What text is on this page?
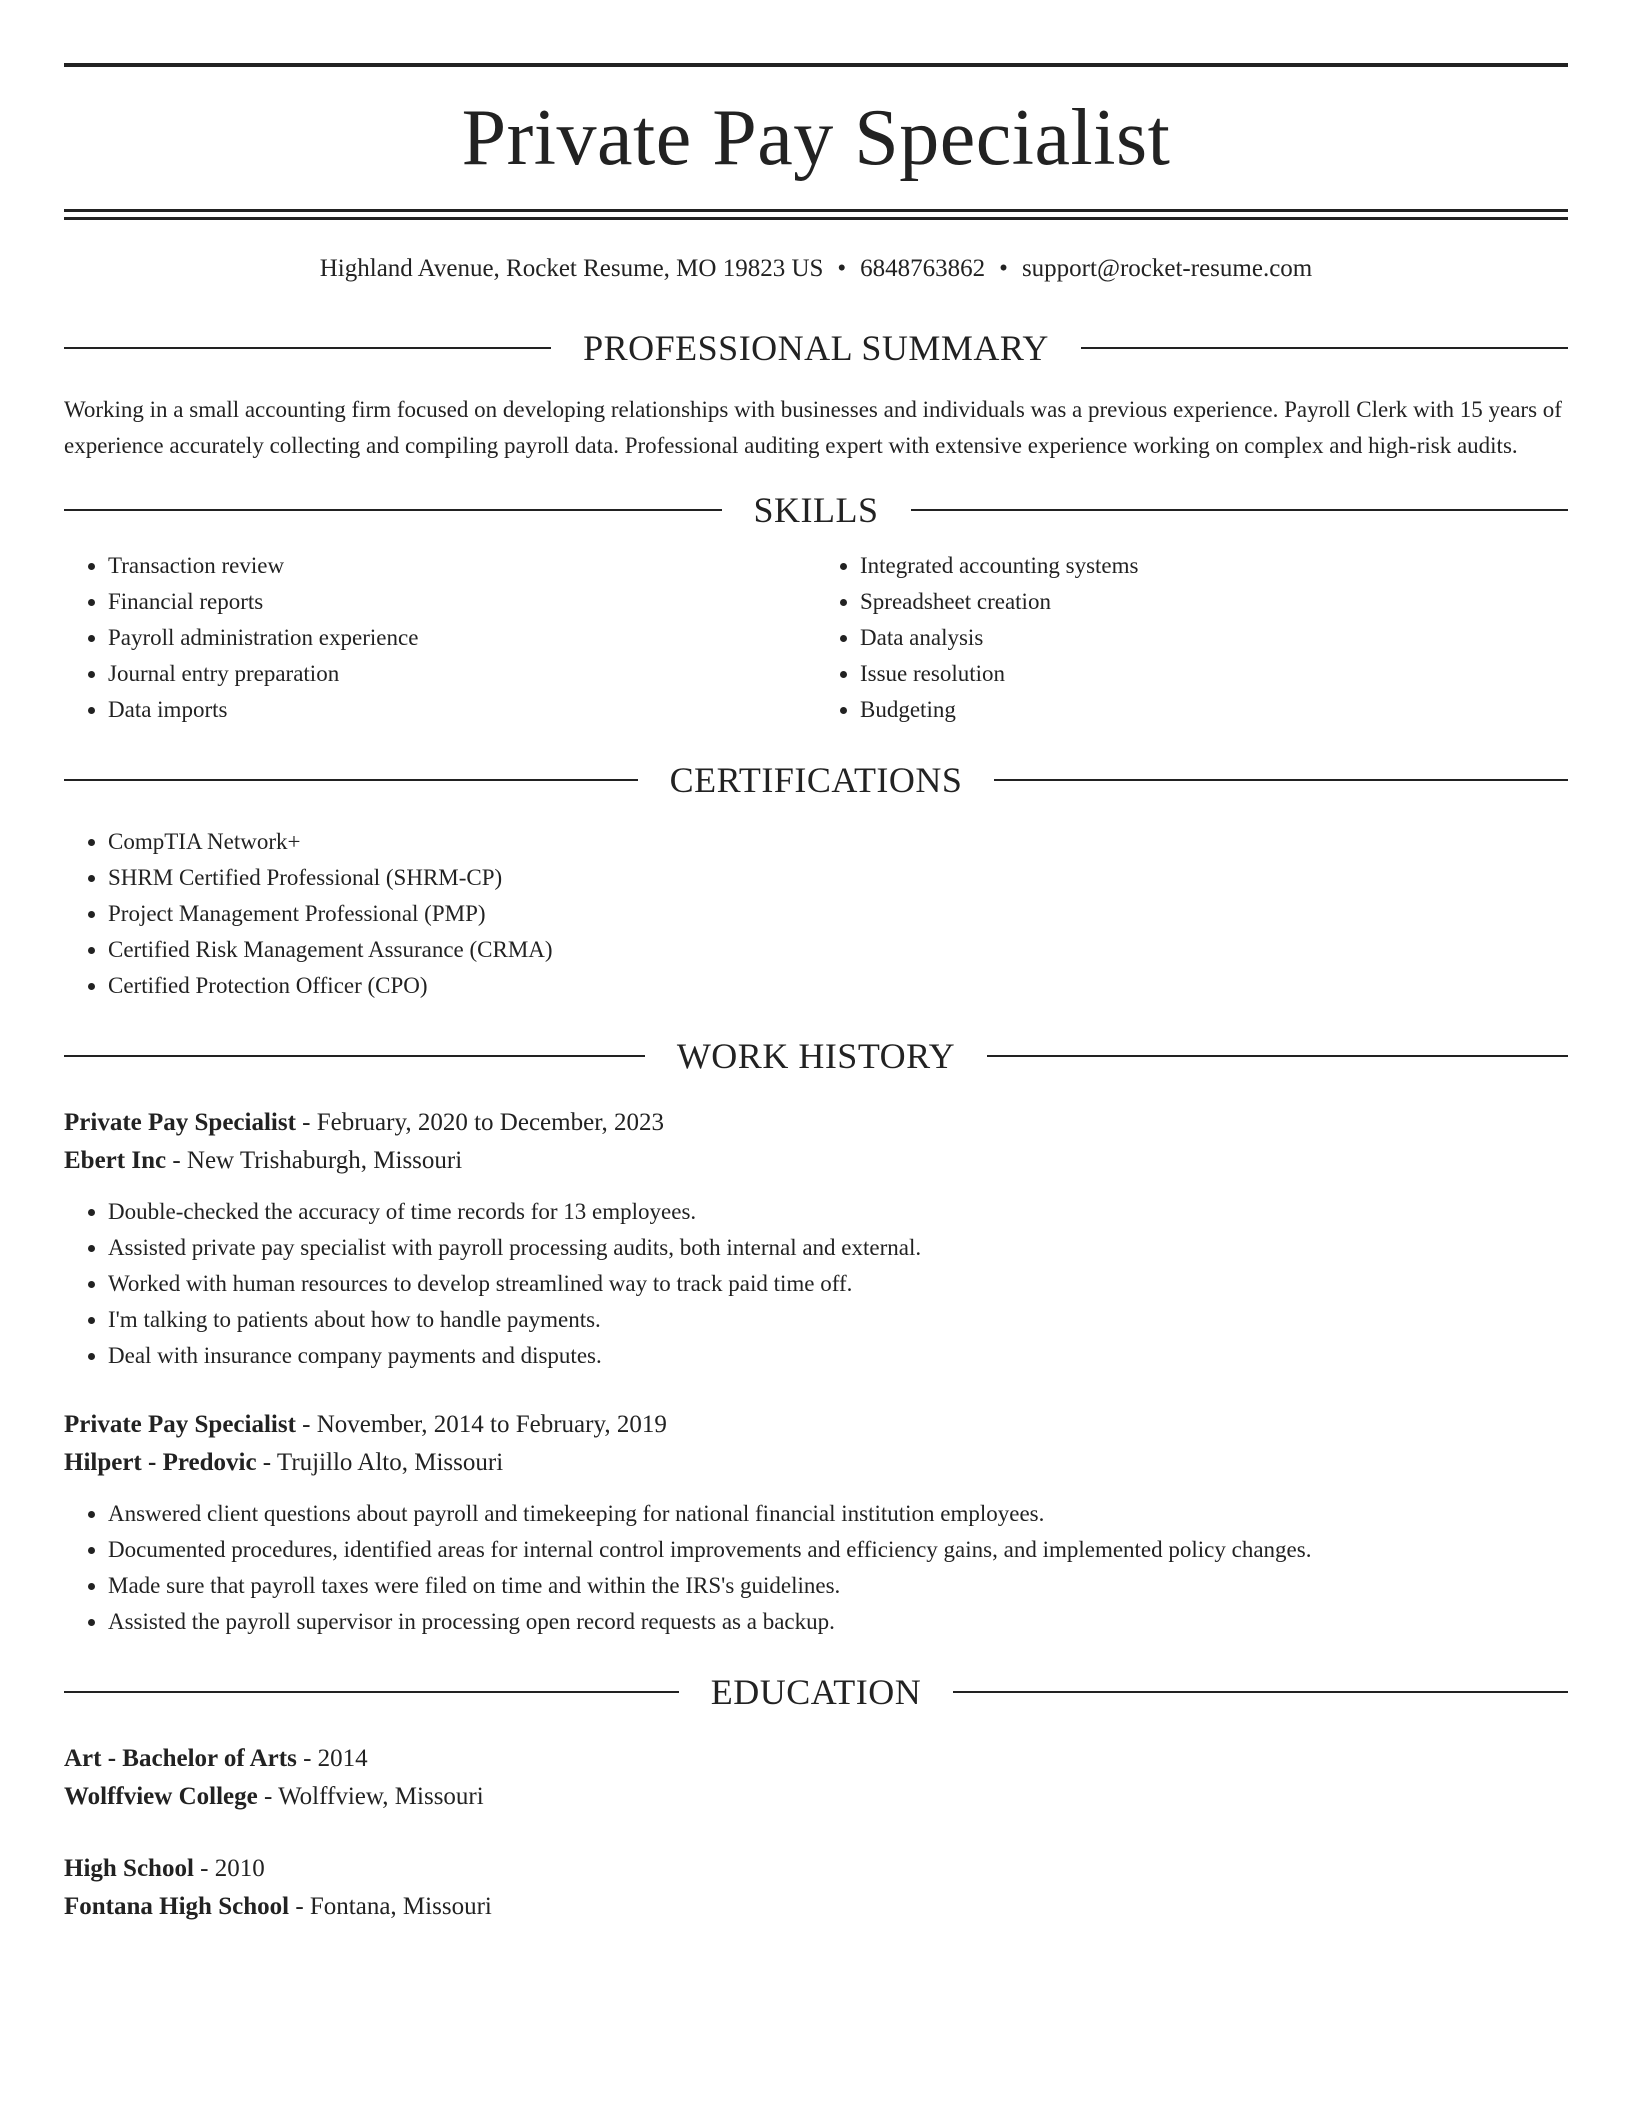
Private Pay Specialist
Highland Avenue, Rocket Resume, MO 19823 US • 6848763862 • support@rocket-resume.com
PROFESSIONAL SUMMARY

Working in a small accounting firm focused on developing relationships with businesses and individuals was a previous experience. Payroll Clerk with 15 years of experience accurately collecting and compiling payroll data. Professional auditing expert with extensive experience working on complex and high-risk audits.

SKILLS
• Transaction review
• Financial reports
• Payroll administration experience
• Journal entry preparation
• Data imports
• Integrated accounting systems
• Spreadsheet creation
• Data analysis
• Issue resolution
• Budgeting
CERTIFICATIONS
• CompTIA Network+
• SHRM Certified Professional (SHRM-CP)
• Project Management Professional (PMP)
• Certified Risk Management Assurance (CRMA)
• Certified Protection Officer (CPO)
WORK HISTORY
Private Pay Specialist - February, 2020 to December, 2023
Ebert Inc - New Trishaburgh, Missouri
• Double-checked the accuracy of time records for 13 employees.
• Assisted private pay specialist with payroll processing audits, both internal and external.
• Worked with human resources to develop streamlined way to track paid time off.
• I'm talking to patients about how to handle payments.
• Deal with insurance company payments and disputes.
Private Pay Specialist - November, 2014 to February, 2019
Hilpert - Predovic - Trujillo Alto, Missouri
• Answered client questions about payroll and timekeeping for national financial institution employees.
• Documented procedures, identified areas for internal control improvements and efficiency gains, and implemented policy changes.
• Made sure that payroll taxes were filed on time and within the IRS's guidelines.
• Assisted the payroll supervisor in processing open record requests as a backup.
EDUCATION
Art - Bachelor of Arts - 2014
Wolffview College - Wolffview, Missouri
High School - 2010
Fontana High School - Fontana, Missouri
